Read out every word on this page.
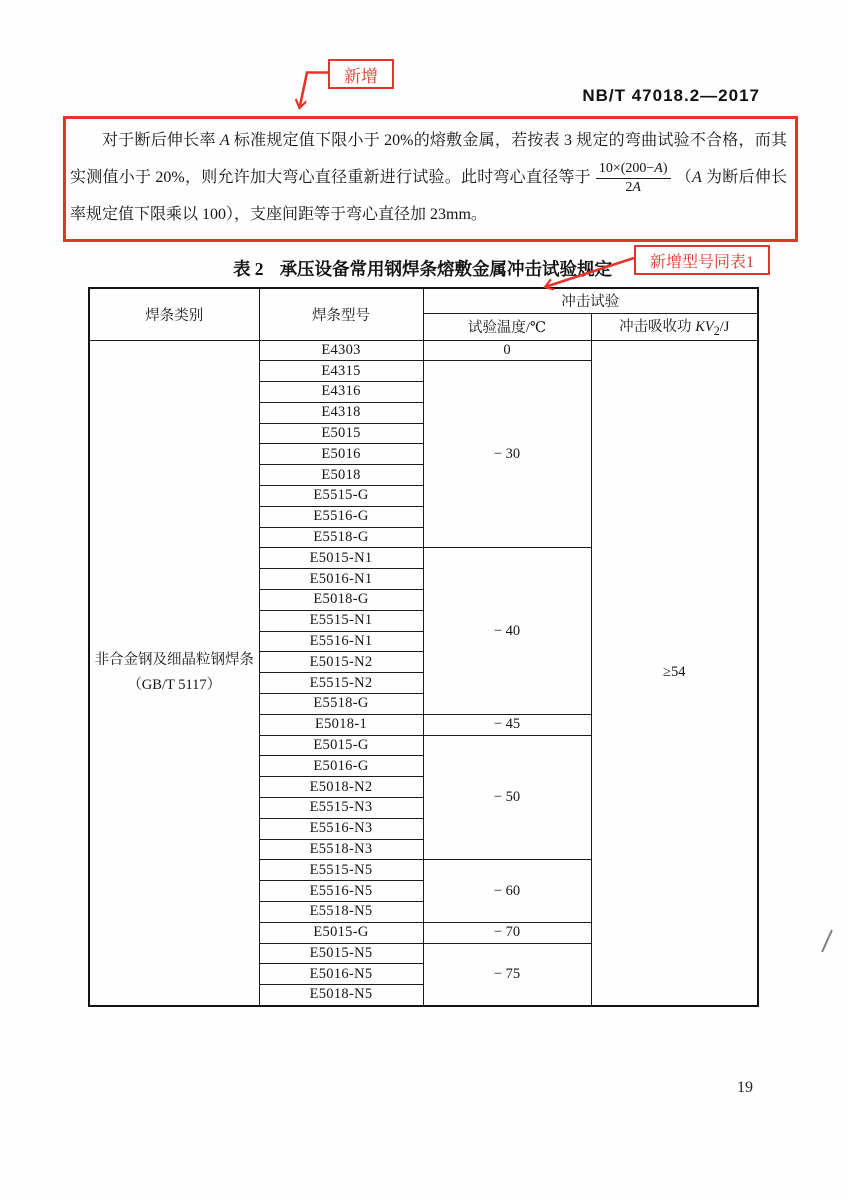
NB/T 47018.2—2017
新增

对于断后伸长率 A 标准规定值下限小于 20%的熔敷金属，若按表 3 规定的弯曲试验不合格，而其实测值小于 20%，则允许加大弯心直径重新进行试验。此时弯心直径等于 $\frac{10\times(200-A)}{2A} (A$ 为断后伸长率规定值下限乘以 100），支座间距等于弯心直径加 23mm。

新增型号同表1
表 2 承压设备常用钢焊条熔敷金属冲击试验规定
焊条类别	焊条型号	冲击试验	
		试验温度/℃	冲击吸收功 $KV_2/J$

非合金钢及细晶粒钢焊条
（GB/T 5117）	E4303	0	≥54
	E4315	− 30	
	E4316		
	E4318		
	E5015		
	E5016		
	E5018		
	E5515-G		
	E5516-G		
	E5518-G		
	E5015-N1	− 40	
	E5016-N1		
	E5018-G		
	E5515-N1		
	E5516-N1		
	E5015-N2		
	E5515-N2		
	E5518-G		
	E5018-1	− 45	
	E5015-G	− 50	
	E5016-G		
	E5018-N2		
	E5515-N3		
	E5516-N3		
	E5518-N3		
	E5515-N5	− 60	
	E5516-N5		
	E5518-N5		
	E5015-G	− 70	
	E5015-N5	− 75	
	E5016-N5		
	E5018-N5		
19
